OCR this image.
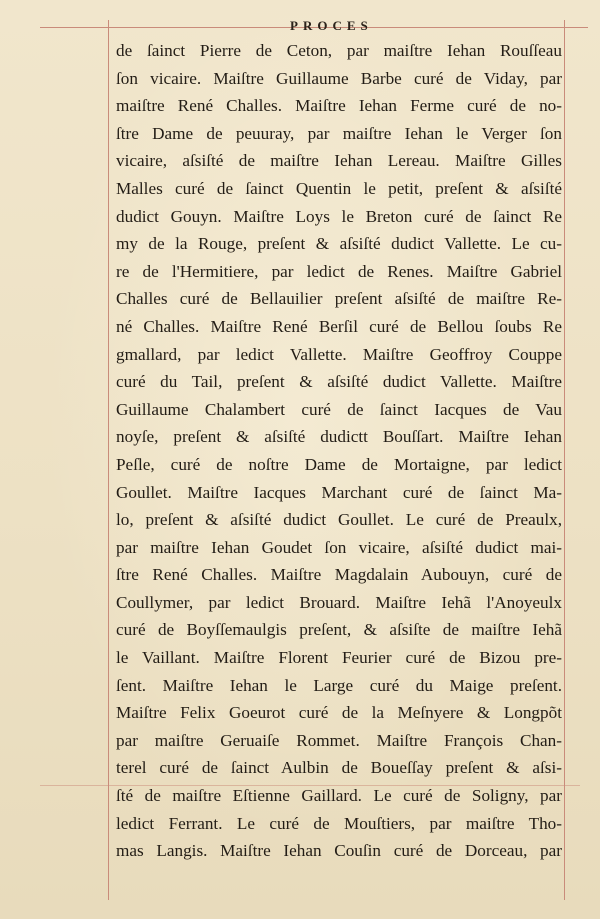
PROCES
de ſainct Pierre de Ceton, par maiſtre Iehan Rouſſeau
ſon vicaire. Maiſtre Guillaume Barbe curé de Viday, par
maiſtre René Challes. Maiſtre Iehan Ferme curé de no-
ſtre Dame de peuuray, par maiſtre Iehan le Verger ſon
vicaire, aſsiſté de maiſtre Iehan Lereau. Maiſtre Gilles
Malles curé de ſainct Quentin le petit, preſent & aſsiſté
dudict Gouyn. Maiſtre Loys le Breton curé de ſainct Re
my de la Rouge, preſent & aſsiſté dudict Vallette. Le cu-
re de l'Hermitiere, par ledict de Renes. Maiſtre Gabriel
Challes curé de Bellauilier preſent aſsiſté de maiſtre Re-
né Challes. Maiſtre René Berſil curé de Bellou ſoubs Re
gmallard, par ledict Vallette. Maiſtre Geoffroy Couppe
curé du Tail, preſent & aſsiſté dudict Vallette. Maiſtre
Guillaume Chalambert curé de ſainct Iacques de Vau
noyſe, preſent & aſsiſté dudictt Bouſſart. Maiſtre Iehan
Peſle, curé de noſtre Dame de Mortaigne, par ledict
Goullet. Maiſtre Iacques Marchant curé de ſainct Ma-
lo, preſent & aſsiſté dudict Goullet. Le curé de Preaulx,
par maiſtre Iehan Goudet ſon vicaire, aſsiſté dudict mai-
ſtre René Challes. Maiſtre Magdalain Aubouyn, curé de
Coullymer, par ledict Brouard. Maiſtre Iehã l'Anoyeulx
curé de Boyſſemaulgis preſent, & aſsiſte de maiſtre Iehã
le Vaillant. Maiſtre Florent Feurier curé de Bizou pre-
ſent. Maiſtre Iehan le Large curé du Maige preſent.
Maiſtre Felix Goeurot curé de la Meſnyere & Longpõt
par maiſtre Geruaiſe Rommet. Maiſtre François Chan-
terel curé de ſainct Aulbin de Boueſſay preſent & aſsi-
ſté de maiſtre Eſtienne Gaillard. Le curé de Soligny, par
ledict Ferrant. Le curé de Mouſtiers, par maiſtre Tho-
mas Langis. Maiſtre Iehan Couſin curé de Dorceau, par
